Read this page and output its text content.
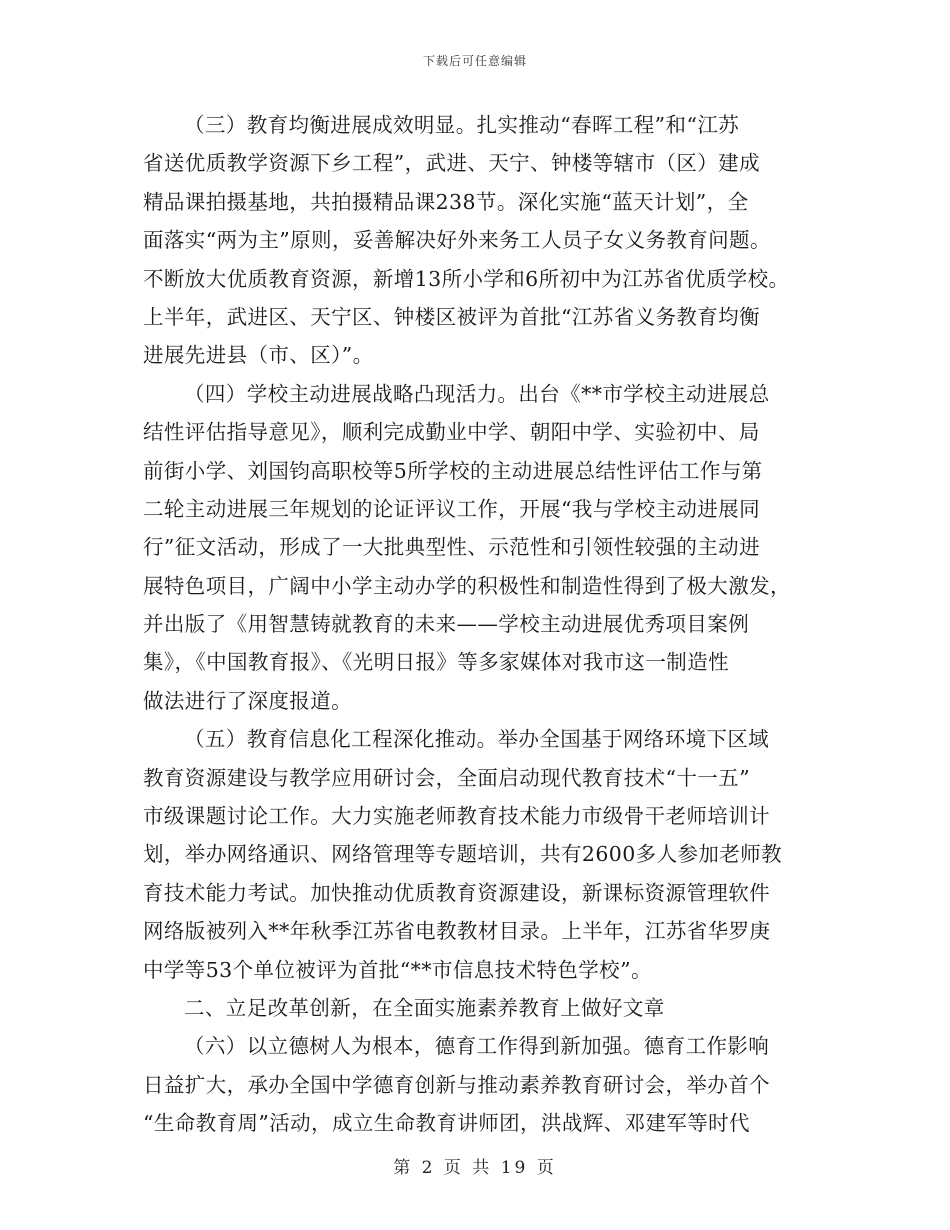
下载后可任意编辑
（三）教育均衡进展成效明显。扎实推动“春晖工程”和“江苏
省送优质教学资源下乡工程”，武进、天宁、钟楼等辖市（区）建成
精品课拍摄基地，共拍摄精品课238节。深化实施“蓝天计划”，全
面落实“两为主”原则，妥善解决好外来务工人员子女义务教育问题。
不断放大优质教育资源，新增13所小学和6所初中为江苏省优质学校。
上半年，武进区、天宁区、钟楼区被评为首批“江苏省义务教育均衡
进展先进县（市、区）”。
（四）学校主动进展战略凸现活力。出台《**市学校主动进展总
结性评估指导意见》，顺利完成勤业中学、朝阳中学、实验初中、局
前街小学、刘国钧高职校等5所学校的主动进展总结性评估工作与第
二轮主动进展三年规划的论证评议工作，开展“我与学校主动进展同
行”征文活动，形成了一大批典型性、示范性和引领性较强的主动进
展特色项目，广阔中小学主动办学的积极性和制造性得到了极大激发，
并出版了《用智慧铸就教育的未来——学校主动进展优秀项目案例
集》，《中国教育报》、《光明日报》等多家媒体对我市这一制造性
做法进行了深度报道。
（五）教育信息化工程深化推动。举办全国基于网络环境下区域
教育资源建设与教学应用研讨会，全面启动现代教育技术“十一五”
市级课题讨论工作。大力实施老师教育技术能力市级骨干老师培训计
划，举办网络通识、网络管理等专题培训，共有2600多人参加老师教
育技术能力考试。加快推动优质教育资源建设，新课标资源管理软件
网络版被列入**年秋季江苏省电教教材目录。上半年，江苏省华罗庚
中学等53个单位被评为首批“**市信息技术特色学校”。
二、立足改革创新，在全面实施素养教育上做好文章
（六）以立德树人为根本，德育工作得到新加强。德育工作影响
日益扩大，承办全国中学德育创新与推动素养教育研讨会，举办首个
“生命教育周”活动，成立生命教育讲师团，洪战辉、邓建军等时代
第 2 页 共 19 页
